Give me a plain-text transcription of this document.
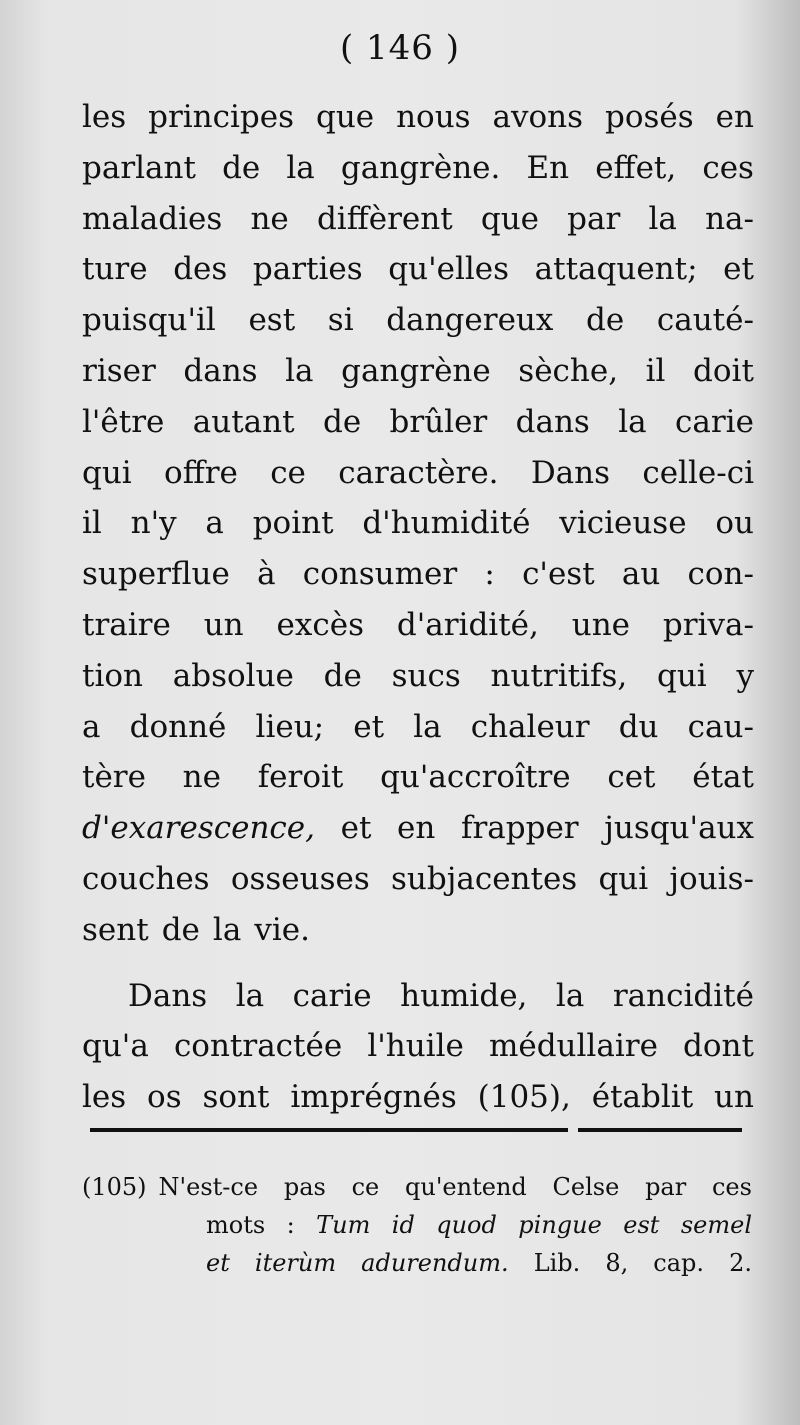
( 146 )
les principes que nous avons posés en
parlant de la gangrène. En effet, ces
maladies ne diffèrent que par la na-
ture des parties qu'elles attaquent; et
puisqu'il est si dangereux de cauté-
riser dans la gangrène sèche, il doit
l'être autant de brûler dans la carie
qui offre ce caractère. Dans celle-ci
il n'y a point d'humidité vicieuse ou
superflue à consumer : c'est au con-
traire un excès d'aridité, une priva-
tion absolue de sucs nutritifs, qui y
a donné lieu; et la chaleur du cau-
tère ne feroit qu'accroître cet état
d'exarescence, et en frapper jusqu'aux
couches osseuses subjacentes qui jouis-
sent de la vie.
Dans la carie humide, la rancidité
qu'a contractée l'huile médullaire dont
les os sont imprégnés (105), établit un
(105) N'est-ce pas ce qu'entend Celse par ces
mots : Tum id quod pingue est semel
et iterùm adurendum. Lib. 8, cap. 2.
